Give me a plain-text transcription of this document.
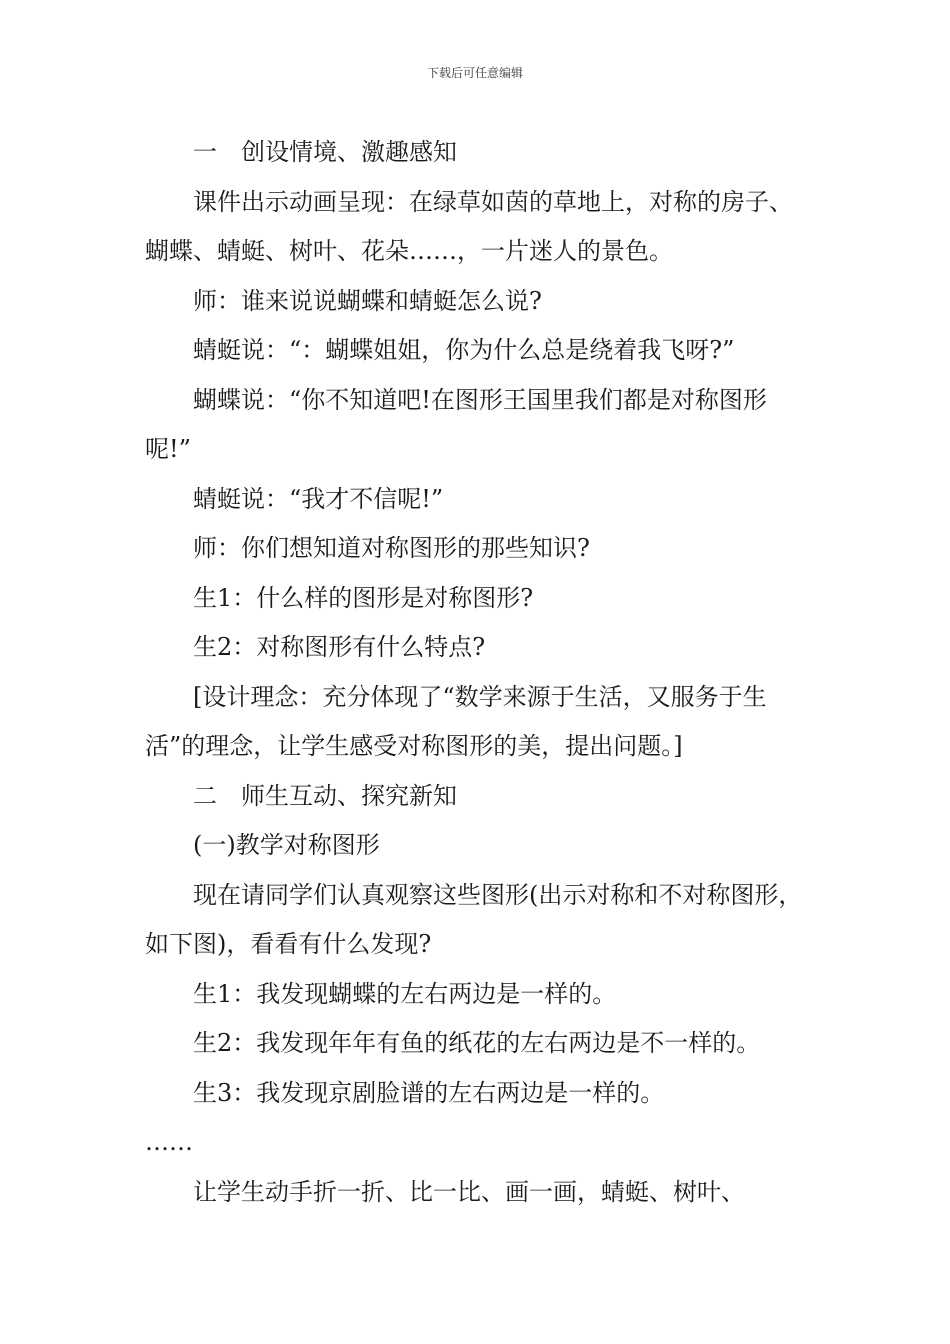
下载后可任意编辑

一　创设情境、激趣感知

课件出示动画呈现：在绿草如茵的草地上，对称的房子、蝴蝶、蜻蜓、树叶、花朵……，一片迷人的景色。

师：谁来说说蝴蝶和蜻蜓怎么说?

蜻蜓说：“：蝴蝶姐姐，你为什么总是绕着我飞呀?”

蝴蝶说：“你不知道吧!在图形王国里我们都是对称图形呢!”

蜻蜓说：“我才不信呢!”

师：你们想知道对称图形的那些知识?

生1：什么样的图形是对称图形?

生2：对称图形有什么特点?

[设计理念：充分体现了“数学来源于生活，又服务于生活”的理念，让学生感受对称图形的美，提出问题。]

二　师生互动、探究新知

(一)教学对称图形

现在请同学们认真观察这些图形(出示对称和不对称图形，如下图)，看看有什么发现?

生1：我发现蝴蝶的左右两边是一样的。

生2：我发现年年有鱼的纸花的左右两边是不一样的。

生3：我发现京剧脸谱的左右两边是一样的。

……

让学生动手折一折、比一比、画一画，蜻蜓、树叶、
